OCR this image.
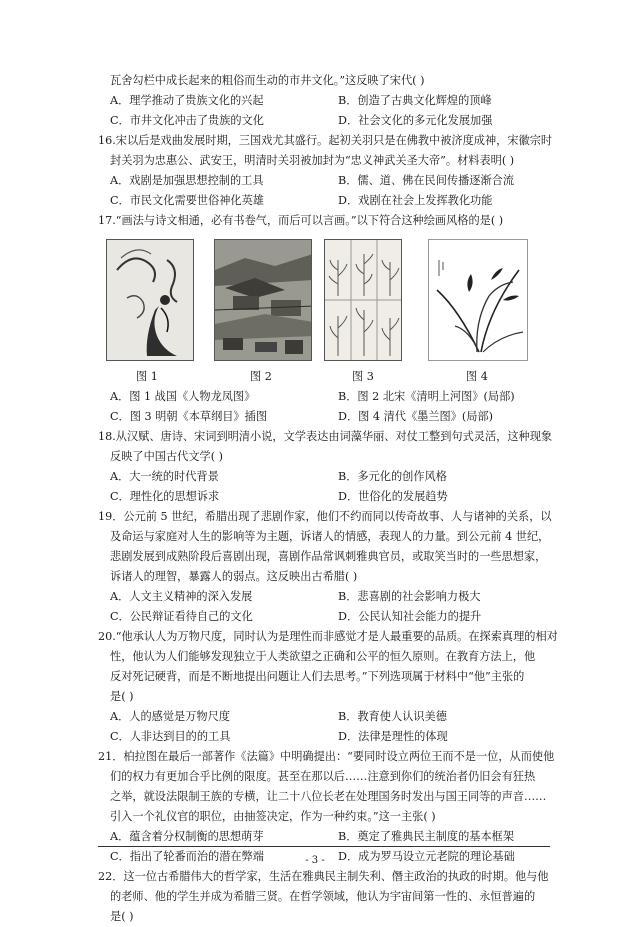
瓦舍勾栏中成长起来的粗俗而生动的市井文化。”这反映了宋代( )
A．理学推动了贵族文化的兴起	B．创造了古典文化辉煌的顶峰
C．市井文化冲击了贵族的文化	D．社会文化的多元化发展加强
16.宋以后是戏曲发展时期，三国戏尤其盛行。起初关羽只是在佛教中被济度成神，宋徽宗时
封关羽为忠惠公、武安王，明清时关羽被加封为“忠义神武关圣大帝”。材料表明( )
A．戏剧是加强思想控制的工具	B．儒、道、佛在民间传播逐渐合流
C．市民文化需要世俗神化英雄	D．戏剧在社会上发挥教化功能
17.“画法与诗文相通，必有书卷气，而后可以言画。”以下符合这种绘画风格的是( )
图 1	图 2	图 3	图 4
A．图 1 战国《人物龙凤图》	B．图 2 北宋《清明上河图》(局部)
C．图 3 明朝《本草纲目》插图	D．图 4 清代《墨兰图》(局部)
18.从汉赋、唐诗、宋词到明清小说，文学表达由词藻华丽、对仗工整到句式灵活，这种现象
反映了中国古代文学( )
A．大一统的时代背景	B．多元化的创作风格
C．理性化的思想诉求	D．世俗化的发展趋势
19．公元前 5 世纪，希腊出现了悲剧作家，他们不约而同以传奇故事、人与诸神的关系，以
及命运与家庭对人生的影响等为主题，诉诸人的情感，表现人的力量。到公元前 4 世纪，
悲剧发展到成熟阶段后喜剧出现，喜剧作品常讽刺雅典官员，或取笑当时的一些思想家，
诉诸人的理智，暴露人的弱点。这反映出古希腊( )
A．人文主义精神的深入发展	B．悲喜剧的社会影响力极大
C．公民辩证看待自己的文化	D．公民认知社会能力的提升
20.“他承认人为万物尺度，同时认为是理性而非感觉才是人最重要的品质。在探索真理的相对
性，他认为人们能够发现独立于人类欲望之正确和公平的恒久原则。在教育方法上，他
反对死记硬背，而是不断地提出问题让人们去思考。”下列选项属于材料中“他”主张的
是( )
A．人的感觉是万物尺度	B．教育使人认识美德
C．人非达到目的的工具	D．法律是理性的体现
21．柏拉图在最后一部著作《法篇》中明确提出：“要同时设立两位王而不是一位，从而使他
们的权力有更加合乎比例的限度。甚至在那以后……注意到你们的统治者仍旧会有狂热
之举，就设法限制王族的专横，让二十八位长老在处理国务时发出与国王同等的声音……
引入一个礼仪官的职位，由抽签决定，作为一种约束。”这一主张( )
A．蕴含着分权制衡的思想萌芽	B．奠定了雅典民主制度的基本框架
C．指出了轮番而治的潜在弊端	D．成为罗马设立元老院的理论基础
22．这一位古希腊伟大的哲学家，生活在雅典民主制失利、僭主政治的执政的时期。他与他
的老师、他的学生并成为希腊三贤。在哲学领域，他认为宇宙间第一性的、永恒普遍的
是( )
- 3 -
